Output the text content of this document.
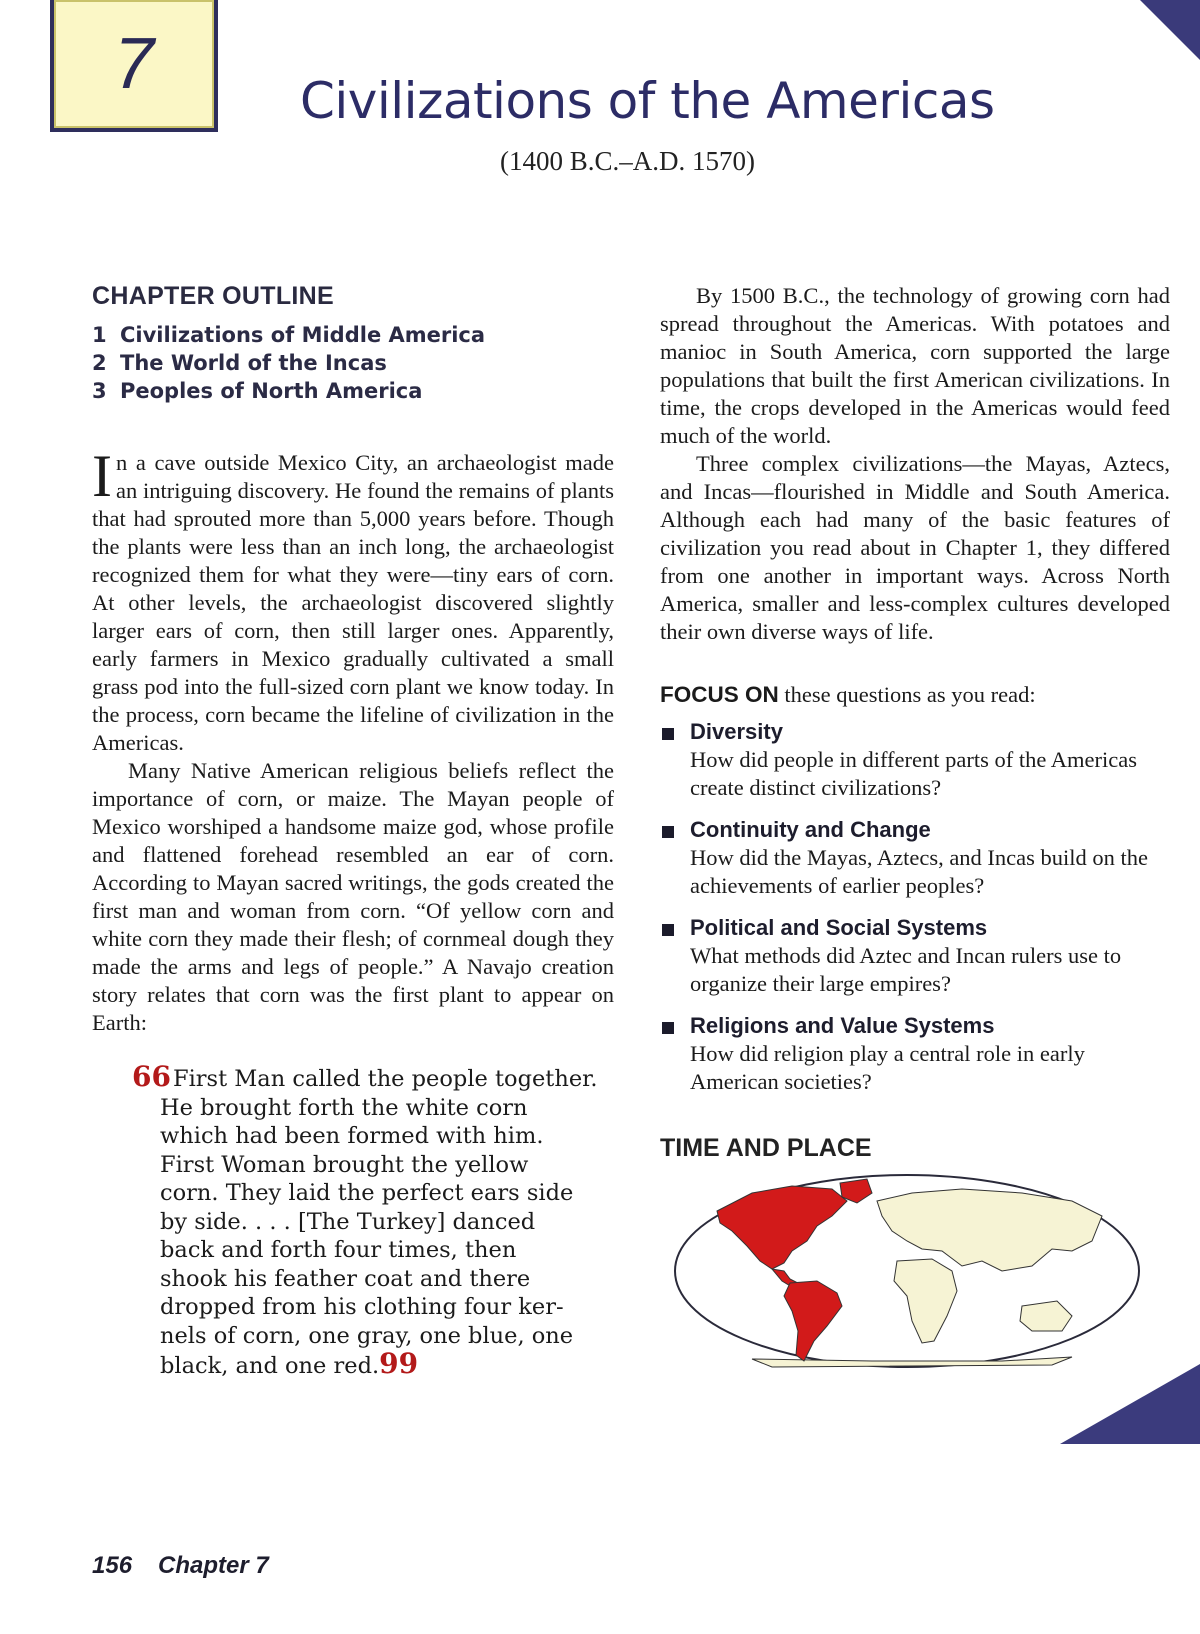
7	Civilizations of the Americas
(1400 B.C.–A.D. 1570)
CHAPTER OUTLINE
1 Civilizations of Middle America
2 The World of the Incas
3 Peoples of North America

In a cave outside Mexico City, an archaeologist made an intriguing discovery. He found the remains of plants that had sprouted more than 5,000 years before. Though the plants were less than an inch long, the archaeologist recognized them for what they were—tiny ears of corn. At other levels, the archaeologist discovered slightly larger ears of corn, then still larger ones. Apparently, early farmers in Mexico gradually cultivated a small grass pod into the full-sized corn plant we know today. In the process, corn became the lifeline of civilization in the Americas.

Many Native American religious beliefs reflect the importance of corn, or maize. The Mayan people of Mexico worshiped a handsome maize god, whose profile and flattened forehead resembled an ear of corn. According to Mayan sacred writings, the gods created the first man and woman from corn. “Of yellow corn and white corn they made their flesh; of cornmeal dough they made the arms and legs of people.” A Navajo creation story relates that corn was the first plant to appear on Earth:

66First Man called the people together.
He brought forth the white corn
which had been formed with him.
First Woman brought the yellow
corn. They laid the perfect ears side
by side. . . . [The Turkey] danced
back and forth four times, then
shook his feather coat and there
dropped from his clothing four ker-
nels of corn, one gray, one blue, one
black, and one red.99

By 1500 B.C., the technology of growing corn had spread throughout the Americas. With potatoes and manioc in South America, corn supported the large populations that built the first American civilizations. In time, the crops developed in the Americas would feed much of the world.

Three complex civilizations—the Mayas, Aztecs, and Incas—flourished in Middle and South America. Although each had many of the basic features of civilization you read about in Chapter 1, they differed from one another in important ways. Across North America, smaller and less-complex cultures developed their own diverse ways of life.

FOCUS ON these questions as you read:
Diversity
How did people in different parts of the Americas create distinct civilizations?
Continuity and Change
How did the Mayas, Aztecs, and Incas build on the achievements of earlier peoples?
Political and Social Systems
What methods did Aztec and Incan rulers use to organize their large empires?
Religions and Value Systems
How did religion play a central role in early American societies?
TIME AND PLACE
156 Chapter 7
